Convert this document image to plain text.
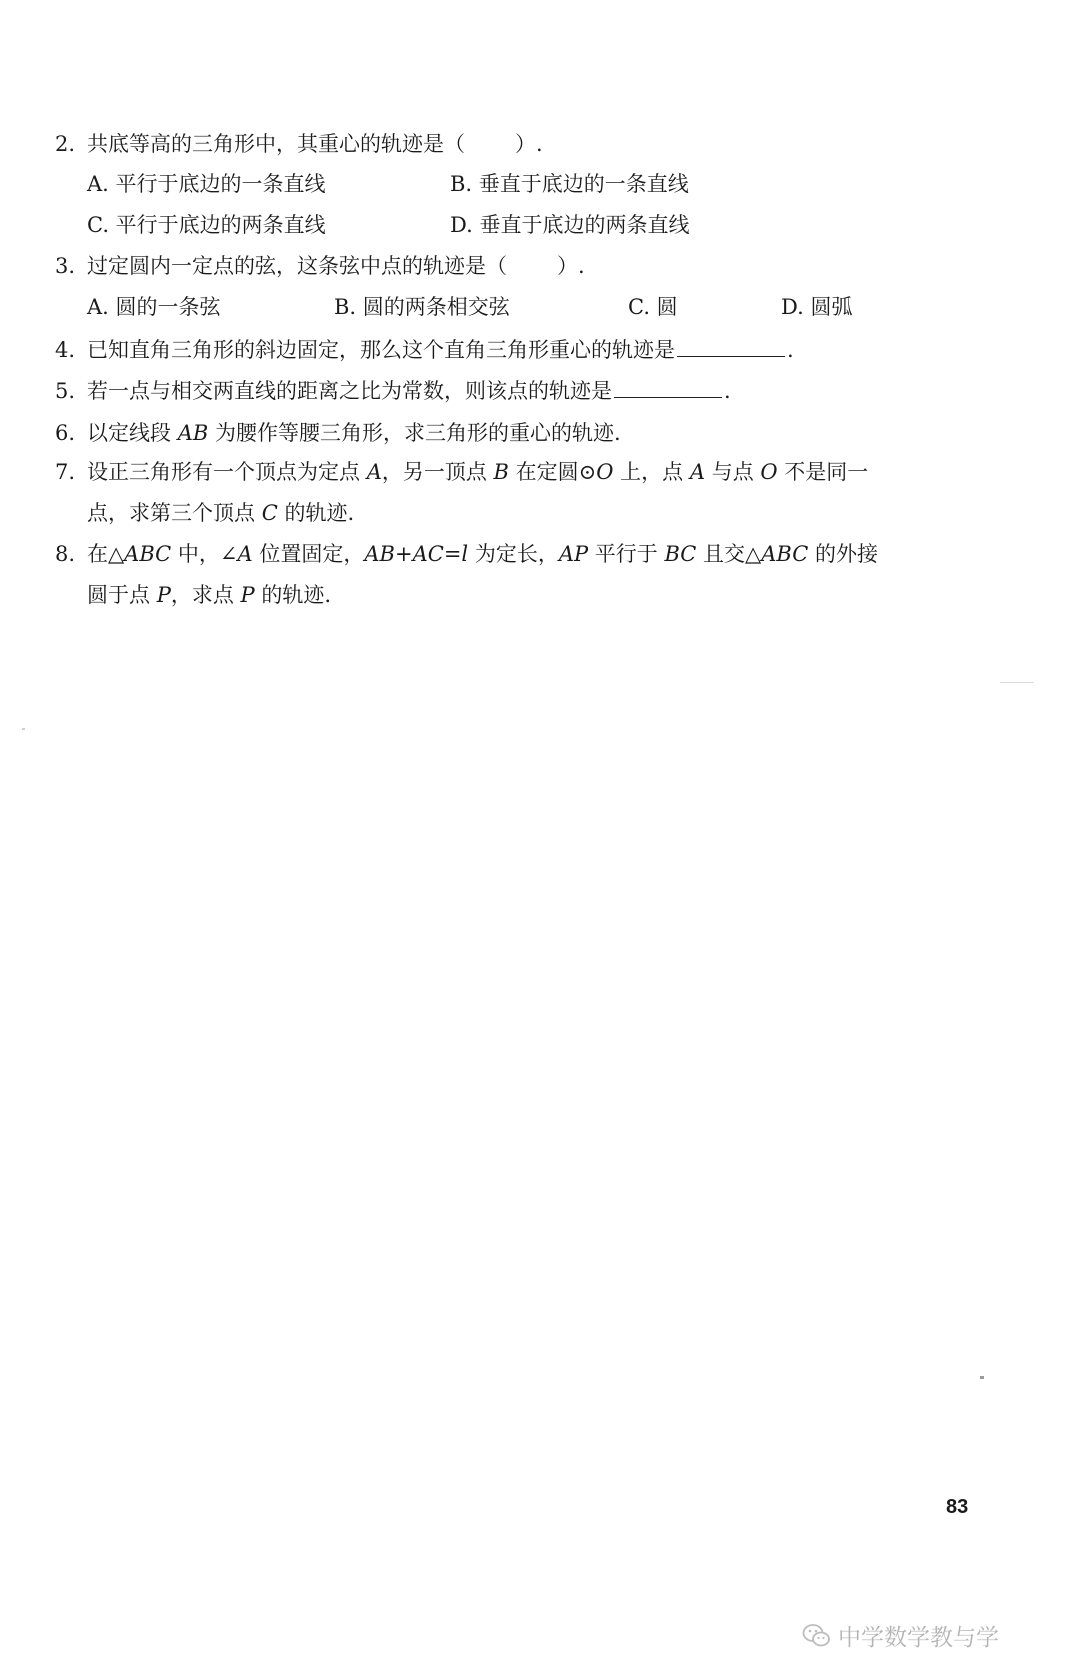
2. 共底等高的三角形中，其重心的轨迹是（ ）.
A. 平行于底边的一条直线	B. 垂直于底边的一条直线
C. 平行于底边的两条直线	D. 垂直于底边的两条直线
3. 过定圆内一定点的弦，这条弦中点的轨迹是（ ）.
A. 圆的一条弦	B. 圆的两条相交弦	C. 圆	D. 圆弧
4. 已知直角三角形的斜边固定，那么这个直角三角形重心的轨迹是	.
5. 若一点与相交两直线的距离之比为常数，则该点的轨迹是	.
6. 以定线段 AB 为腰作等腰三角形，求三角形的重心的轨迹.
7. 设正三角形有一个顶点为定点 A，另一顶点 B 在定圆⊙O 上，点 A 与点 O 不是同一
点，求第三个顶点 C 的轨迹.
8. 在△ABC 中，∠A 位置固定，AB+AC=l 为定长，AP 平行于 BC 且交△ABC 的外接
圆于点 P，求点 P 的轨迹.
83
中学数学教与学
